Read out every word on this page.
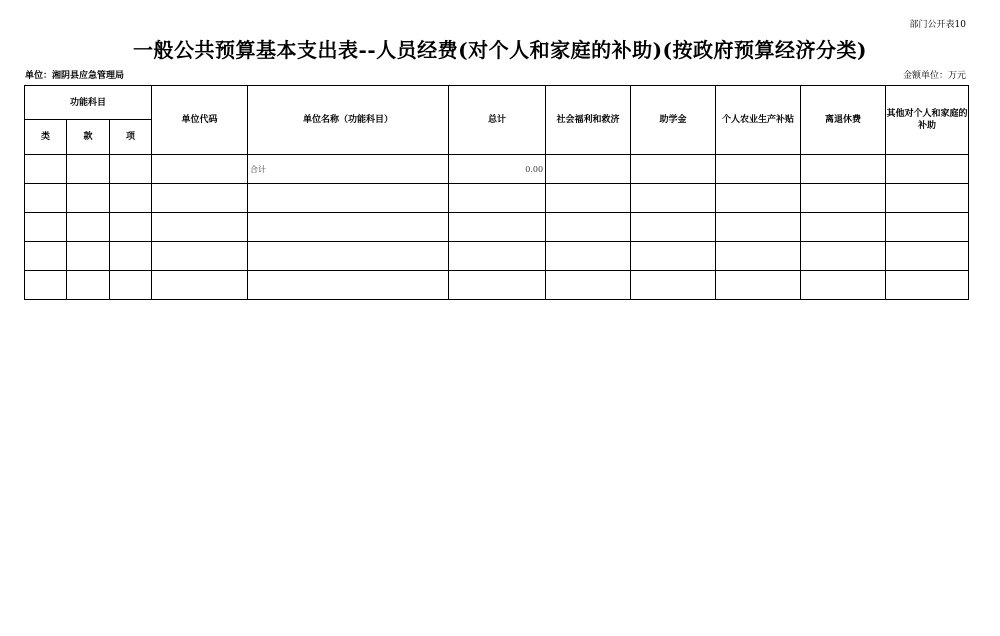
部门公开表10
一般公共预算基本支出表--人员经费(对个人和家庭的补助)(按政府预算经济分类)
单位：湘阴县应急管理局	金额单位：万元
功能科目			单位代码	单位名称（功能科目）	总计	社会福利和救济	助学金	个人农业生产补贴	离退休费	其他对个人和家庭的补助
类	款	项								
				合计	0.00					
